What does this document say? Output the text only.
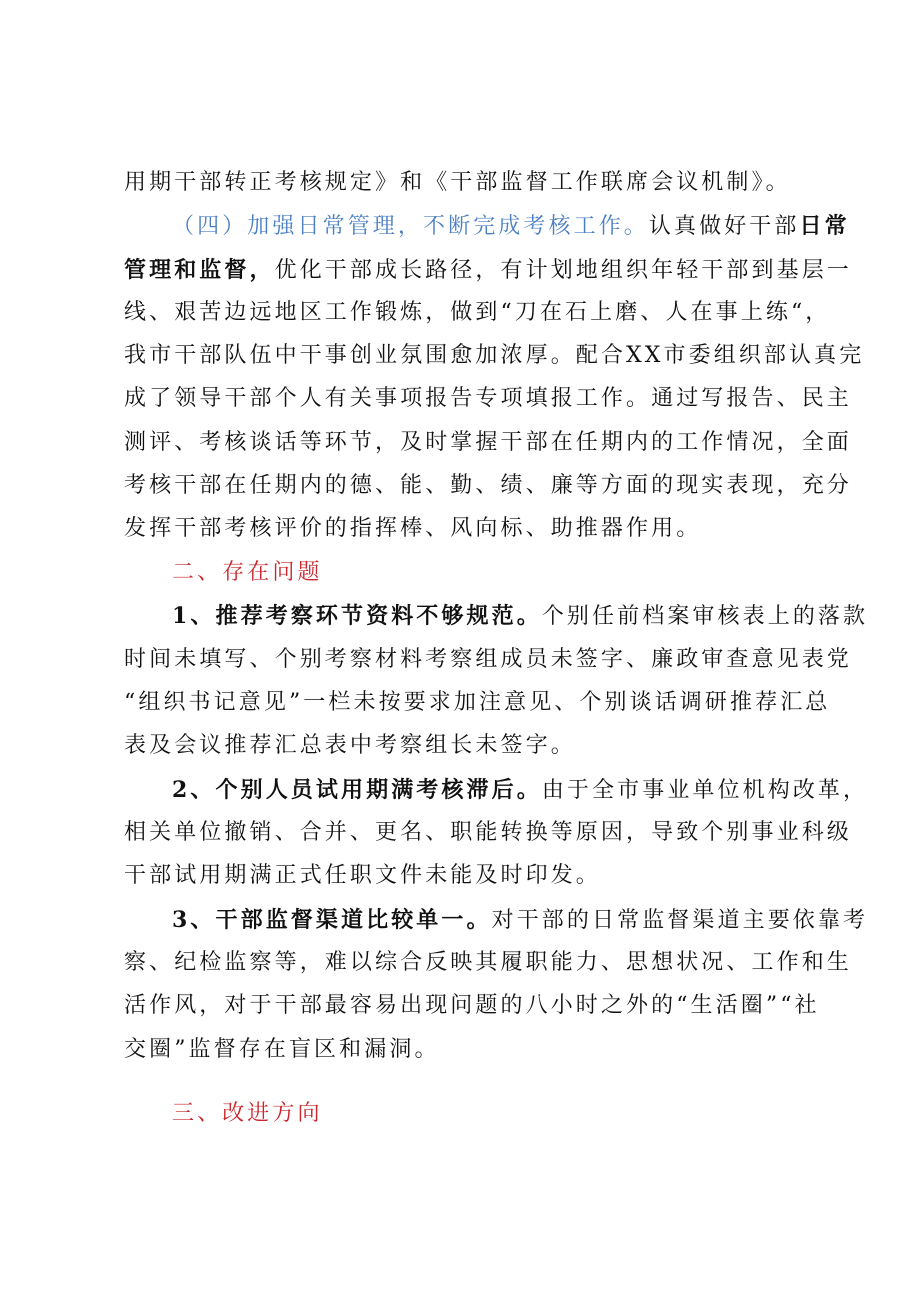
用期干部转正考核规定》和《干部监督工作联席会议机制》。
（四）加强日常管理，不断完成考核工作。认真做好干部日常
管理和监督，优化干部成长路径，有计划地组织年轻干部到基层一
线、艰苦边远地区工作锻炼，做到“刀在石上磨、人在事上练“，
我市干部队伍中干事创业氛围愈加浓厚。配合XX市委组织部认真完
成了领导干部个人有关事项报告专项填报工作。通过写报告、民主
测评、考核谈话等环节，及时掌握干部在任期内的工作情况，全面
考核干部在任期内的德、能、勤、绩、廉等方面的现实表现，充分
发挥干部考核评价的指挥棒、风向标、助推器作用。
二、存在问题
1、推荐考察环节资料不够规范。个别任前档案审核表上的落款
时间未填写、个别考察材料考察组成员未签字、廉政审查意见表党
“组织书记意见”一栏未按要求加注意见、个别谈话调研推荐汇总
表及会议推荐汇总表中考察组长未签字。
2、个别人员试用期满考核滞后。由于全市事业单位机构改革，
相关单位撤销、合并、更名、职能转换等原因，导致个别事业科级
干部试用期满正式任职文件未能及时印发。
3、干部监督渠道比较单一。对干部的日常监督渠道主要依靠考
察、纪检监察等，难以综合反映其履职能力、思想状况、工作和生
活作风，对于干部最容易出现问题的八小时之外的“生活圈”“社
交圈”监督存在盲区和漏洞。
三、改进方向
